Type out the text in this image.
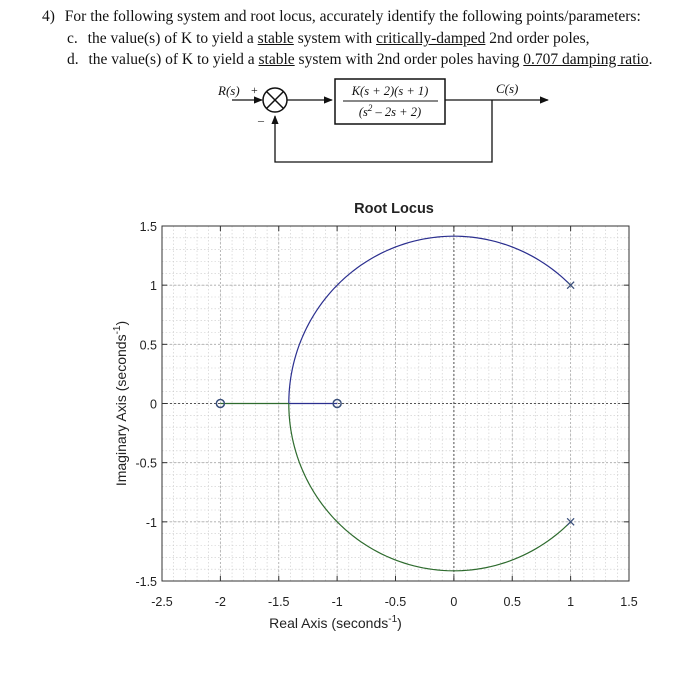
4) For the following system and root locus, accurately identify the following points/parameters:
c. the value(s) of K to yield a stable system with critically-damped 2nd order poles,
d. the value(s) of K to yield a stable system with 2nd order poles having 0.707 damping ratio.
R(s) +	K(s + 2)(s + 1)
$(s^2 - 2s + 2)$
C(s)
–
Root Locus
-2.5	-2	-1.5	-1	-0.5	0	0.5	1	1.5
-1.5
-1
-0.5
0
0.5
1
1.5
Real Axis (seconds$^{-1}$)
Imaginary Axis (seconds$^{-1}$)
